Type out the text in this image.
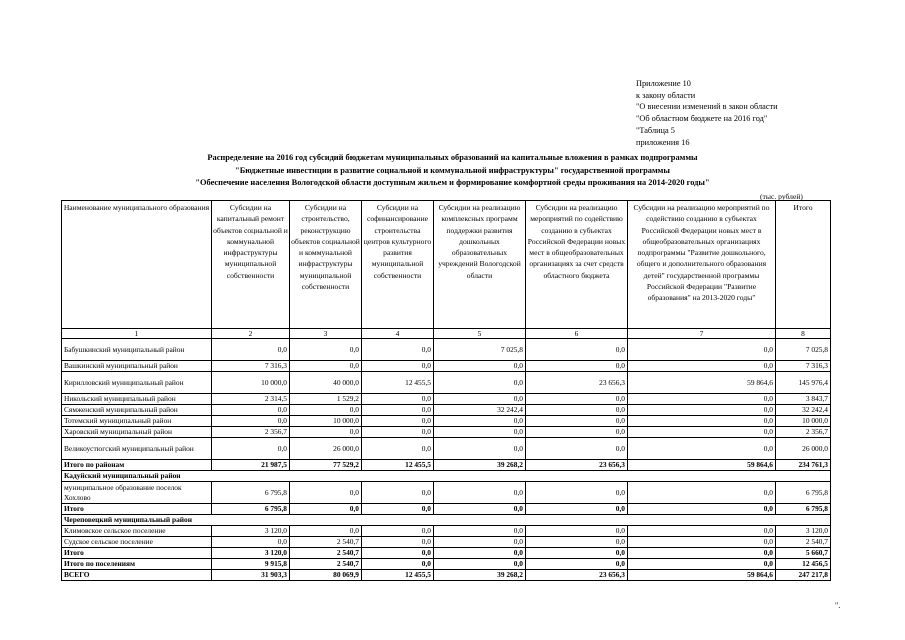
Приложение 10
к закону области
"О внесении изменений в закон области
"Об областном бюджете на 2016 год"
"Таблица 5
приложения 16
Распределение на 2016 год субсидий бюджетам муниципальных образований на капитальные вложения в рамках подпрограммы
"Бюджетные инвестиции в развитие социальной и коммунальной инфраструктуры" государственной программы
"Обеспечение населения Вологодской области доступным жильем и формирование комфортной среды проживания на 2014-2020 годы"
(тыс. рублей)
Наименование муниципального образования	Субсидии на капитальный ремонт объектов социальной и коммунальной инфраструктуры муниципальной собственности	Субсидии на строительство, реконструкцию объектов социальной и коммунальной инфраструктуры муниципальной собственности	Субсидии на софинансирование строительства центров культурного развития муниципальной собственности	Субсидии на реализацию комплексных программ поддержки развития дошкольных образовательных учреждений Вологодской области	Субсидии на реализацию мероприятий по содействию созданию в субъектах Российской Федерации новых мест в общеобразовательных организациях за счет средств областного бюджета	Субсидии на реализацию мероприятий по содействию созданию в субъектах Российской Федерации новых мест в общеобразовательных организациях подпрограммы "Развитие дошкольного, общего и дополнительного образования детей" государственной программы Российской Федерации "Развитие образования" на 2013-2020 годы"	Итого
1	2	3	4	5	6	7	8
Бабушкинский муниципальный район	0,0	0,0	0,0	7 025,8	0,0	0,0	7 025,8
Вашкинский муниципальный район	7 316,3	0,0	0,0	0,0	0,0	0,0	7 316,3
Кирилловский муниципальный район	10 000,0	40 000,0	12 455,5	0,0	23 656,3	59 864,6	145 976,4
Никольский муниципальный район	2 314,5	1 529,2	0,0	0,0	0,0	0,0	3 843,7
Сямженский муниципальный район	0,0	0,0	0,0	32 242,4	0,0	0,0	32 242,4
Тотемский муниципальный район	0,0	10 000,0	0,0	0,0	0,0	0,0	10 000,0
Харовский муниципальный район	2 356,7	0,0	0,0	0,0	0,0	0,0	2 356,7
Великоустюгский муниципальный район	0,0	26 000,0	0,0	0,0	0,0	0,0	26 000,0
Итого по районам	21 987,5	77 529,2	12 455,5	39 268,2	23 656,3	59 864,6	234 761,3
Кадуйский муниципальный район							
муниципальное образование поселок Хохлово	6 795,8	0,0	0,0	0,0	0,0	0,0	6 795,8
Итого	6 795,8	0,0	0,0	0,0	0,0	0,0	6 795,8
Череповецкий муниципальный район							
Климовское сельское поселение	3 120,0	0,0	0,0	0,0	0,0	0,0	3 120,0
Судское сельское поселение	0,0	2 540,7	0,0	0,0	0,0	0,0	2 540,7
Итого	3 120,0	2 540,7	0,0	0,0	0,0	0,0	5 660,7
Итого по поселениям	9 915,8	2 540,7	0,0	0,0	0,0	0,0	12 456,5
ВСЕГО	31 903,3	80 069,9	12 455,5	39 268,2	23 656,3	59 864,6	247 217,8
".
